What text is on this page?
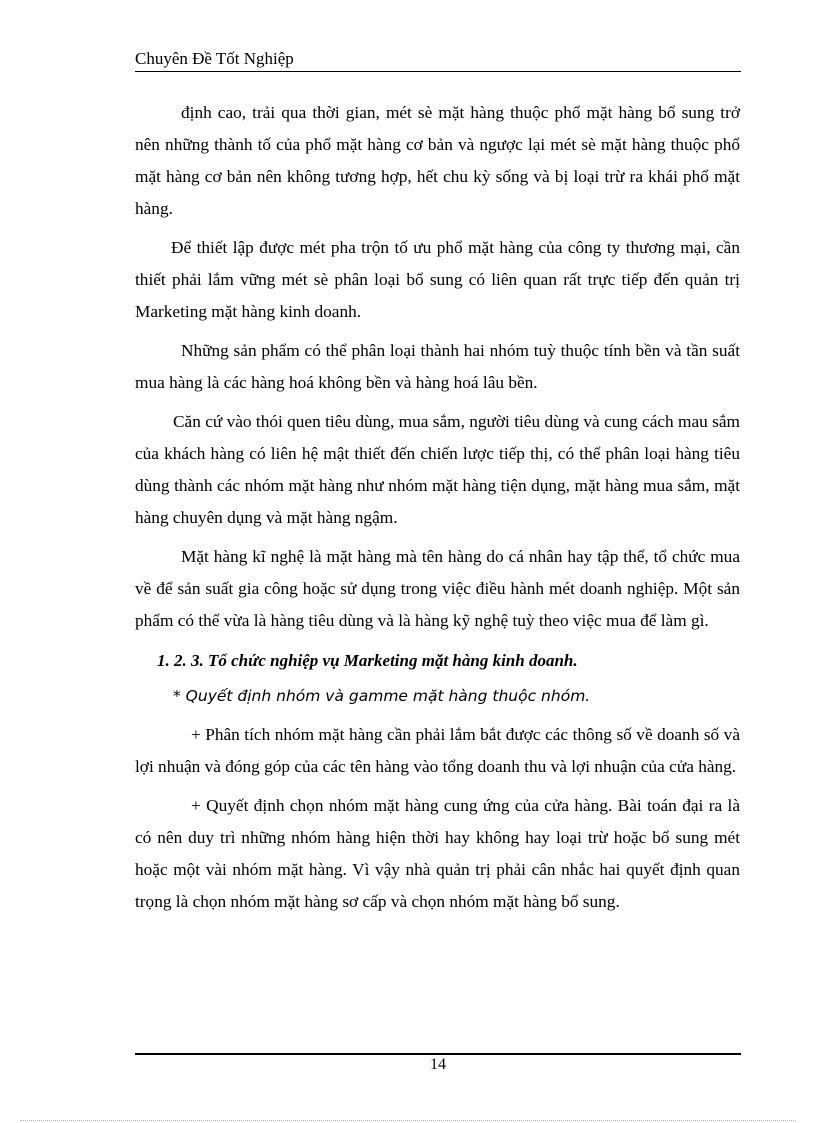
Chuyên Đề Tốt Nghiệp

định cao, trải qua thời gian, mét sè mặt hàng thuộc phổ mặt hàng bổ sung trở nên những thành tố của phổ mặt hàng cơ bản và ngược lại mét sè mặt hàng thuộc phổ mặt hàng cơ bản nên không tương hợp, hết chu kỳ sống và bị loại trừ ra khái phổ mặt hàng.

Để thiết lập được mét pha trộn tố ưu phổ mặt hàng của công ty thương mại, cần thiết phải lắm vững mét sè phân loại bổ sung có liên quan rất trực tiếp đến quản trị Marketing mặt hàng kinh doanh.

Những sản phẩm có thể phân loại thành hai nhóm tuỳ thuộc tính bền và tần suất mua hàng là các hàng hoá không bền và hàng hoá lâu bền.

Căn cứ vào thói quen tiêu dùng, mua sắm, người tiêu dùng và cung cách mau sắm của khách hàng có liên hệ mật thiết đến chiến lược tiếp thị, có thể phân loại hàng tiêu dùng thành các nhóm mặt hàng như nhóm mặt hàng tiện dụng, mặt hàng mua sắm, mặt hàng chuyên dụng và mặt hàng ngậm.

Mặt hàng kĩ nghệ là mặt hàng mà tên hàng do cá nhân hay tập thể, tổ chức mua về để sản suất gia công hoặc sử dụng trong việc điều hành mét doanh nghiệp. Một sản phẩm có thể vừa là hàng tiêu dùng và là hàng kỹ nghệ tuỳ theo việc mua để làm gì.

1. 2. 3. Tổ chức nghiệp vụ Marketing mặt hàng kinh doanh.
* Quyết định nhóm và gamme mặt hàng thuộc nhóm.

+ Phân tích nhóm mặt hàng cần phải lắm bắt được các thông số về doanh số và lợi nhuận và đóng góp của các tên hàng vào tổng doanh thu và lợi nhuận của cửa hàng.

+ Quyết định chọn nhóm mặt hàng cung ứng của cửa hàng. Bài toán đại ra là có nên duy trì những nhóm hàng hiện thời hay không hay loại trừ hoặc bổ sung mét hoặc một vài nhóm mặt hàng. Vì vậy nhà quản trị phải cân nhắc hai quyết định quan trọng là chọn nhóm mặt hàng sơ cấp và chọn nhóm mặt hàng bổ sung.

14
